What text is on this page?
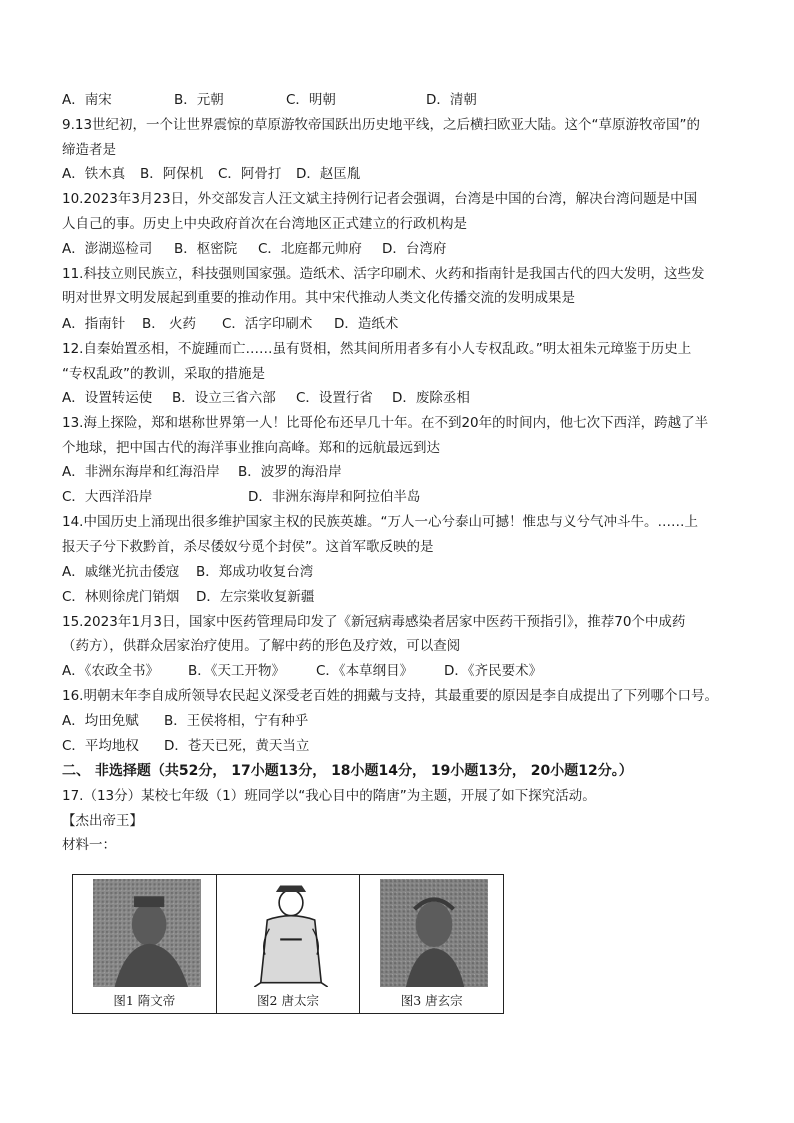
A．南宋	B．元朝	C．明朝	D．清朝
9.13世纪初，一个让世界震惊的草原游牧帝国跃出历史地平线，之后横扫欧亚大陆。这个“草原游牧帝国”的
缔造者是
A．铁木真	B．阿保机	C．阿骨打	D．赵匡胤
10.2023年3月23日，外交部发言人汪文斌主持例行记者会强调，台湾是中国的台湾，解决台湾问题是中国
人自己的事。历史上中央政府首次在台湾地区正式建立的行政机构是
A．澎湖巡检司	B．枢密院	C．北庭都元帅府	D．台湾府
11.科技立则民族立，科技强则国家强。造纸术、活字印刷术、火药和指南针是我国古代的四大发明，这些发
明对世界文明发展起到重要的推动作用。其中宋代推动人类文化传播交流的发明成果是
A．指南针	B． 火药	C．活字印刷术	D．造纸术
12.自秦始置丞相，不旋踵而亡……虽有贤相，然其间所用者多有小人专权乱政。”明太祖朱元璋鉴于历史上
“专权乱政”的教训，采取的措施是
A．设置转运使	B．设立三省六部	C．设置行省	D．废除丞相
13.海上探险，郑和堪称世界第一人！比哥伦布还早几十年。在不到20年的时间内，他七次下西洋，跨越了半
个地球，把中国古代的海洋事业推向高峰。郑和的远航最远到达
A．非洲东海岸和红海沿岸	B．波罗的海沿岸
C．大西洋沿岸	D．非洲东海岸和阿拉伯半岛
14.中国历史上涌现出很多维护国家主权的民族英雄。“万人一心兮泰山可撼！惟忠与义兮气冲斗牛。……上
报天子兮下救黔首，杀尽倭奴兮觅个封侯”。这首军歌反映的是
A．戚继光抗击倭寇	B．郑成功收复台湾
C．林则徐虎门销烟	D．左宗棠收复新疆
15.2023年1月3日，国家中医药管理局印发了《新冠病毒感染者居家中医药干预指引》，推荐70个中成药
（药方），供群众居家治疗使用。了解中药的形色及疗效，可以查阅
A．《农政全书》	B．《天工开物》	C．《本草纲目》	D．《齐民要术》
16.明朝末年李自成所领导农民起义深受老百姓的拥戴与支持，其最重要的原因是李自成提出了下列哪个口号。
A．均田免赋	B．王侯将相，宁有种乎
C．平均地权	D．苍天已死，黄天当立
二、 非选择题（共52分， 17小题13分， 18小题14分， 19小题13分， 20小题12分。）
17.（13分）某校七年级（1）班同学以“我心目中的隋唐”为主题，开展了如下探究活动。
【杰出帝王】
材料一：
图1 隋文帝	图2 唐太宗	图3 唐玄宗
